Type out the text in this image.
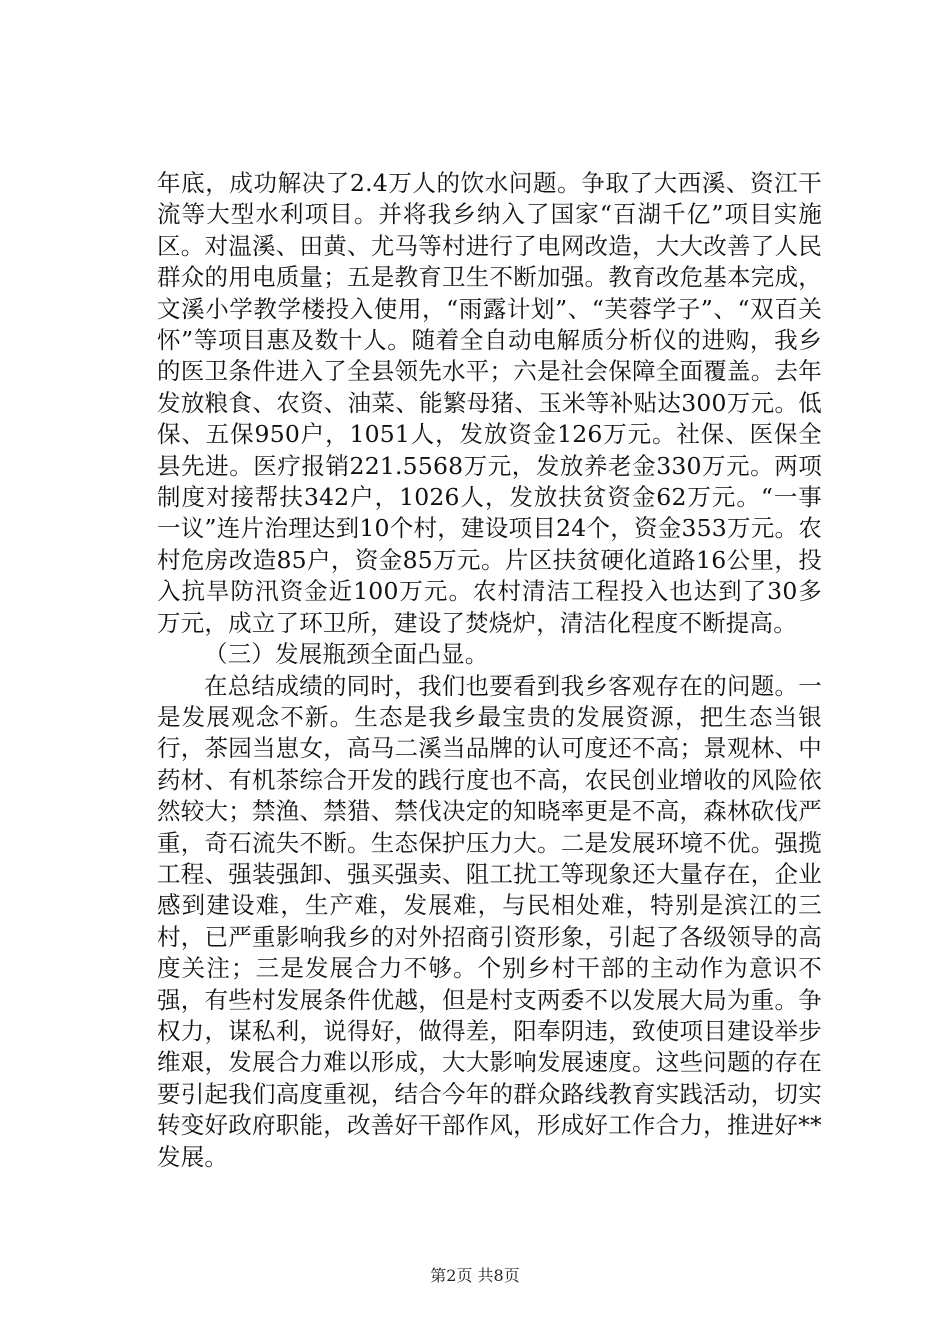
年底，成功解决了2.4万人的饮水问题。争取了大西溪、资江干流等大型水利项目。并将我乡纳入了国家“百湖千亿”项目实施区。对温溪、田黄、尤马等村进行了电网改造，大大改善了人民群众的用电质量；五是教育卫生不断加强。教育改危基本完成，文溪小学教学楼投入使用，“雨露计划”、“芙蓉学子”、“双百关怀”等项目惠及数十人。随着全自动电解质分析仪的进购，我乡的医卫条件进入了全县领先水平；六是社会保障全面覆盖。去年发放粮食、农资、油菜、能繁母猪、玉米等补贴达300万元。低保、五保950户，1051人，发放资金126万元。社保、医保全县先进。医疗报销221.5568万元，发放养老金330万元。两项制度对接帮扶342户，1026人，发放扶贫资金62万元。“一事一议”连片治理达到10个村，建设项目24个，资金353万元。农村危房改造85户，资金85万元。片区扶贫硬化道路16公里，投入抗旱防汛资金近100万元。农村清洁工程投入也达到了30多万元，成立了环卫所，建设了焚烧炉，清洁化程度不断提高。

（三）发展瓶颈全面凸显。

在总结成绩的同时，我们也要看到我乡客观存在的问题。一是发展观念不新。生态是我乡最宝贵的发展资源，把生态当银行，茶园当崽女，高马二溪当品牌的认可度还不高；景观林、中药材、有机茶综合开发的践行度也不高，农民创业增收的风险依然较大；禁渔、禁猎、禁伐决定的知晓率更是不高，森林砍伐严重，奇石流失不断。生态保护压力大。二是发展环境不优。强揽工程、强装强卸、强买强卖、阻工扰工等现象还大量存在，企业感到建设难，生产难，发展难，与民相处难，特别是滨江的三村，已严重影响我乡的对外招商引资形象，引起了各级领导的高度关注；三是发展合力不够。个别乡村干部的主动作为意识不强，有些村发展条件优越，但是村支两委不以发展大局为重。争权力，谋私利，说得好，做得差，阳奉阴违，致使项目建设举步维艰，发展合力难以形成，大大影响发展速度。这些问题的存在要引起我们高度重视，结合今年的群众路线教育实践活动，切实转变好政府职能，改善好干部作风，形成好工作合力，推进好**发展。

第2页 共8页
